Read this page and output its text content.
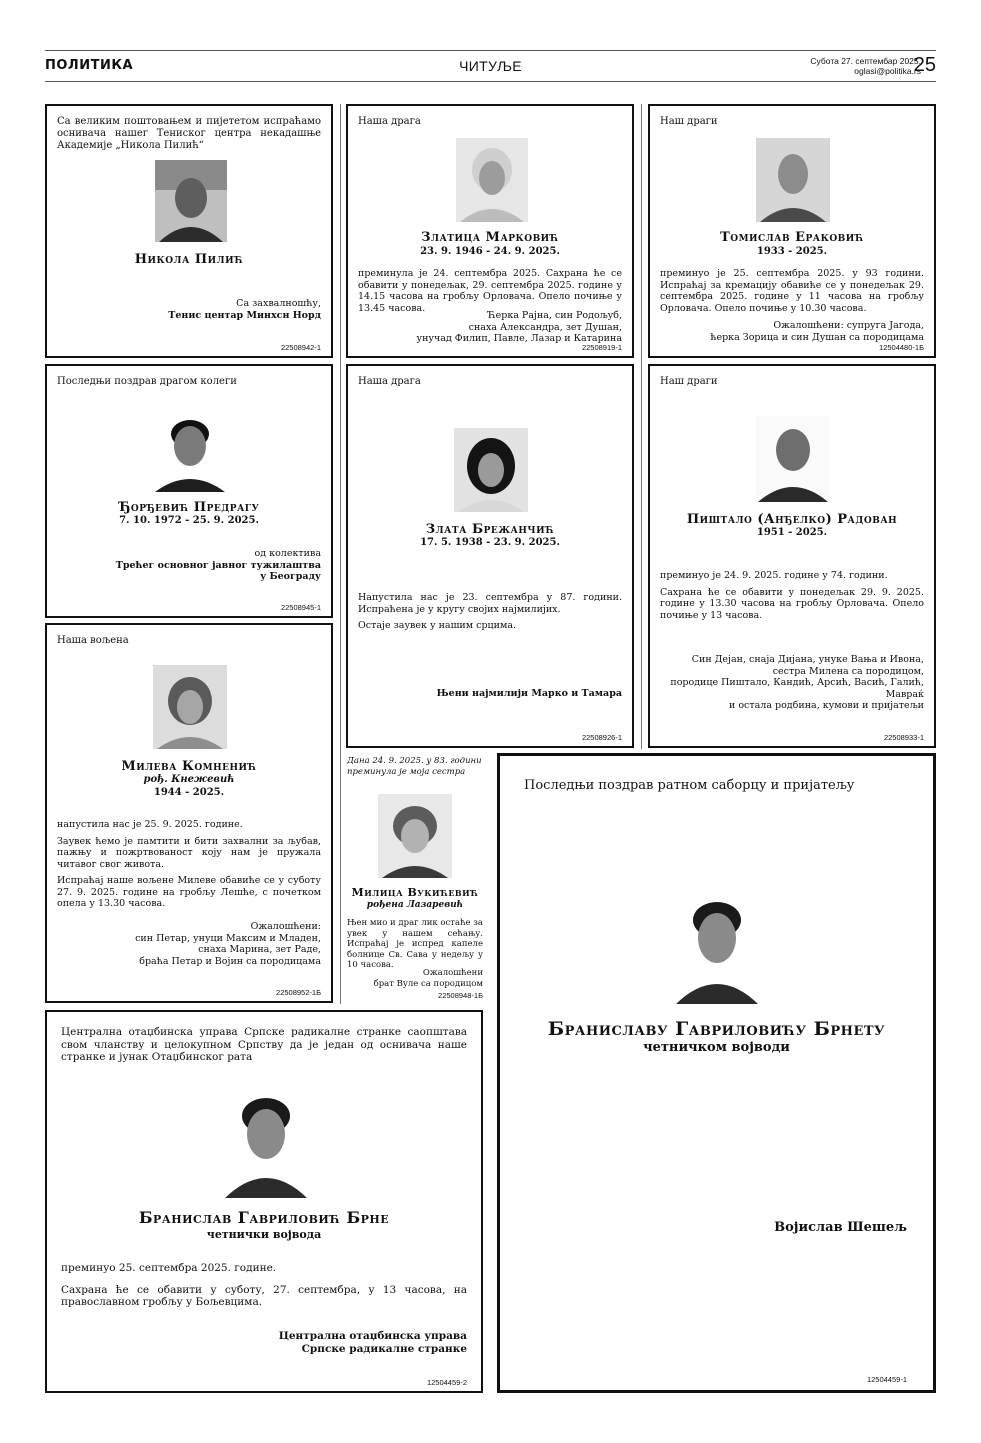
ПОЛИТИКА	ЧИТУЉЕ	Субота 27. септембар 2025.
oglasi@politika.rs
25
Са великим поштовањем и пијететом испраћамо оснивача нашег Тениског центра некадашње Академије „Никола Пилић“
Никола Пилић
Са захвалношћу,
Тенис центар Минхсн Норд
22508942-1
Наша драга
Златица Марковић
23. 9. 1946 - 24. 9. 2025.
преминула је 24. септембра 2025. Сахрана ће се обавити у понедељак, 29. септембра 2025. године у 14.15 часова на гробљу Орловача. Опело почиње у 13.45 часова.
Ћерка Рајна, син Родољуб,
снаха Александра, зет Душан,
унучад Филип, Павле, Лазар и Катарина
22508919-1
Наш драги
Томислав Ераковић
1933 - 2025.
преминуо је 25. септембра 2025. у 93 години. Испраћај за кремацију обавиће се у понедељак 29. септембра 2025. године у 11 часова на гробљу Орловача. Опело почиње у 10.30 часова.
Ожалошћени: супруга Јагода,
ћерка Зорица и син Душан са породицама
12504480-1Б
Последњи поздрав драгом колеги
Ђорђевић Предрагу
7. 10. 1972 - 25. 9. 2025.
од колектива
Трећег основног јавног тужилаштва
у Београду
22508945-1
Наша драга
Злата Брежанчић
17. 5. 1938 - 23. 9. 2025.

Напустила нас је 23. септембра у 87. години. Испраћена је у кругу својих најмилијих.

Остаје заувек у нашим срцима.

Њени најмилији Марко и Тамара
22508926-1
Наш драги
Пиштало (Анђелко) Радован
1951 - 2025.

преминуо је 24. 9. 2025. године у 74. години.

Сахрана ће се обавити у понедељак 29. 9. 2025. године у 13.30 часова на гробљу Орловача. Опело почиње у 13 часова.

Син Дејан, снаја Дијана, унуке Вања и Ивона,
сестра Милена са породицом,
породице Пиштало, Кандић, Арсић, Васић, Галић, Мавраќ
и остала родбина, кумови и пријатељи
22508933-1
Наша вољена
Милева Комненић
рођ. Кнежевић
1944 - 2025.

напустила нас је 25. 9. 2025. године.

Заувек ћемо је памтити и бити захвални за љубав, пажњу и пожртвованост коју нам је пружала читавог свог живота.

Испраћај наше вољене Милеве обавиће се у суботу 27. 9. 2025. године на гробљу Лешће, с почетком опела у 13.30 часова.

Ожалошћени:
син Петар, унуци Максим и Младен,
снаха Марина, зет Раде,
браћа Петар и Војин са породицама
22508952-1Б
Дана 24. 9. 2025. у 83. години преминула је моја сестра
Милица Вукићевић
рођена Лазаревић
Њен мио и драг лик остаће за увек у нашем сећању. Испраћај је испред капеле болнице Св. Сава у недељу у 10 часова.
Ожалошћени
брат Вуле са породицом
22508948-1Б
Последњи поздрав ратном саборцу и пријатељу
Браниславу Гавриловићу Брнету
четничком војводи
Војислав Шешељ
12504459-1
Централна отаџбинска управа Српске радикалне странке саопштава свом чланству и целокупном Српству да је један од оснивача наше странке и јунак Отаџбинског рата
Бранислав Гавриловић Брне
четнички војвода

преминуо 25. септембра 2025. године.

Сахрана ће се обавити у суботу, 27. септембра, у 13 часова, на православном гробљу у Бољевцима.

Централна отаџбинска управа
Српске радикалне странке
12504459-2
